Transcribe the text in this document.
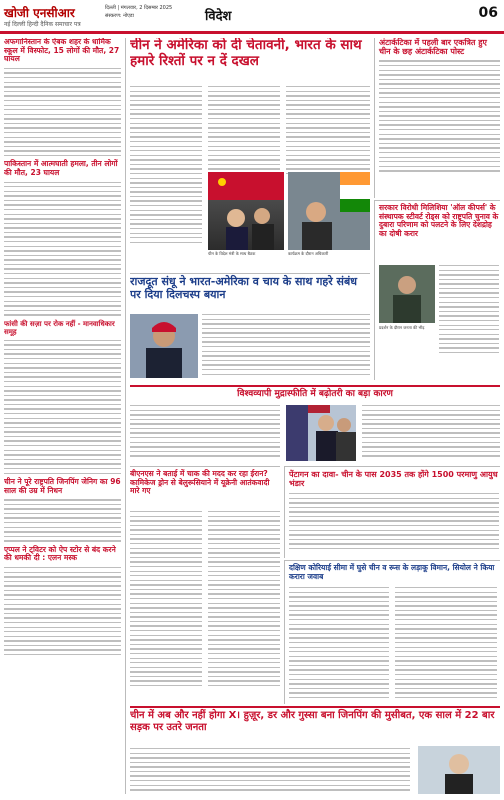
खोजी एनसीआर
नई दिल्ली हिन्दी दैनिक समाचार पत्र
दिल्ली | मंगलवार, 2 दिसम्बर 2025
संस्करण: नोएडा	विदेश	06
अफगानिस्तान के ऐबक शहर के धार्मिक स्कूल में विस्फोट, 15 लोगों की मौत, 27 घायल
पाकिस्तान में आत्मघाती हमला, तीन लोगों की मौत, 23 घायल
फांसी की सज़ा पर रोक नहीं - मानवाधिकार समूह
चीन ने पूरे राष्ट्रपति जिनपिंग जेनिग का 96 साल की उम्र में निधन
एप्पल ने ट्विटर को ऐप स्टोर से बंद करने की धमकी दी : एलन मस्क
चीन ने अमेरिका को दी चेतावनी, भारत के साथ हमारे रिश्तों पर न दें दखल
चीन के विदेश मंत्री के साथ बैठक	कार्यक्रम के दौरान अधिकारी
अंटार्कटिका में पहली बार एकत्रित हुए चीन के छह अंटार्कटिका पोस्ट
राजदूत संधू ने भारत-अमेरिका व चाय के साथ गहरे संबंध पर दिया दिलचस्प बयान
सरकार विरोधी मिलिशिया 'ऑल कीपर्स' के संस्थापक स्टीवर्ट रोड्स को राष्ट्रपति चुनाव के दुबारा परिणाम को पलटने के लिए देशद्रोह का दोषी करार
प्रदर्शन के दौरान जनता की भीड़
विश्वव्यापी मुद्रास्फीति में बढ़ोतरी का बड़ा कारण
बीएनएस ने बताई में चाक की मदद कर रहा ईरान? कामिकेज ड्रोन से बेलुरूसियाने में यूक्रेनी आतंकवादी मारे गए
पेंटागन का दावा- चीन के पास 2035 तक होंगे 1500 परमाणु आयुध भंडार
दक्षिण कोरियाई सीमा में घुसे चीन व रूस के लड़ाकू विमान, सियोल ने किया करारा जवाब
चीन में अब और नहीं होगा X। हुज़ूर, डर और गुस्सा बना जिनपिंग की मुसीबत, एक साल में 22 बार सड़क पर उतरे जनता
